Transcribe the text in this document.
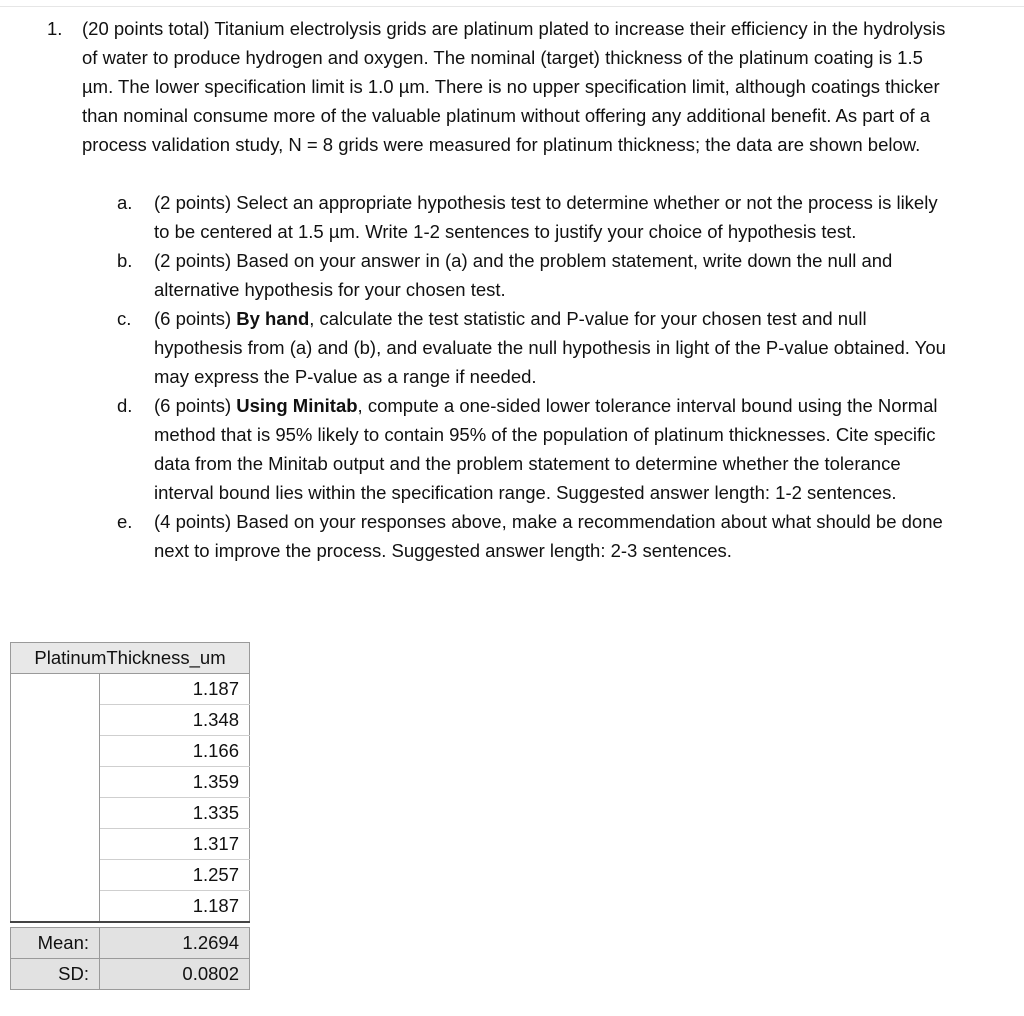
1.	(20 points total) Titanium electrolysis grids are platinum plated to increase their efficiency in the hydrolysis of water to produce hydrogen and oxygen. The nominal (target) thickness of the platinum coating is 1.5 µm. The lower specification limit is 1.0 µm. There is no upper specification limit, although coatings thicker than nominal consume more of the valuable platinum without offering any additional benefit. As part of a process validation study, N = 8 grids were measured for platinum thickness; the data are shown below.
a.	(2 points) Select an appropriate hypothesis test to determine whether or not the process is likely to be centered at 1.5 µm. Write 1-2 sentences to justify your choice of hypothesis test.
b.	(2 points) Based on your answer in (a) and the problem statement, write down the null and alternative hypothesis for your chosen test.
c.	(6 points) By hand, calculate the test statistic and P-value for your chosen test and null hypothesis from (a) and (b), and evaluate the null hypothesis in light of the P-value obtained. You may express the P-value as a range if needed.
d.	(6 points) Using Minitab, compute a one-sided lower tolerance interval bound using the Normal method that is 95% likely to contain 95% of the population of platinum thicknesses. Cite specific data from the Minitab output and the problem statement to determine whether the tolerance interval bound lies within the specification range. Suggested answer length: 1-2 sentences.
e.	(4 points) Based on your responses above, make a recommendation about what should be done next to improve the process. Suggested answer length: 2-3 sentences.
PlatinumThickness_um	
	1.187
	1.348
	1.166
	1.359
	1.335
	1.317
	1.257
	1.187

Mean:	1.2694
SD:	0.0802
